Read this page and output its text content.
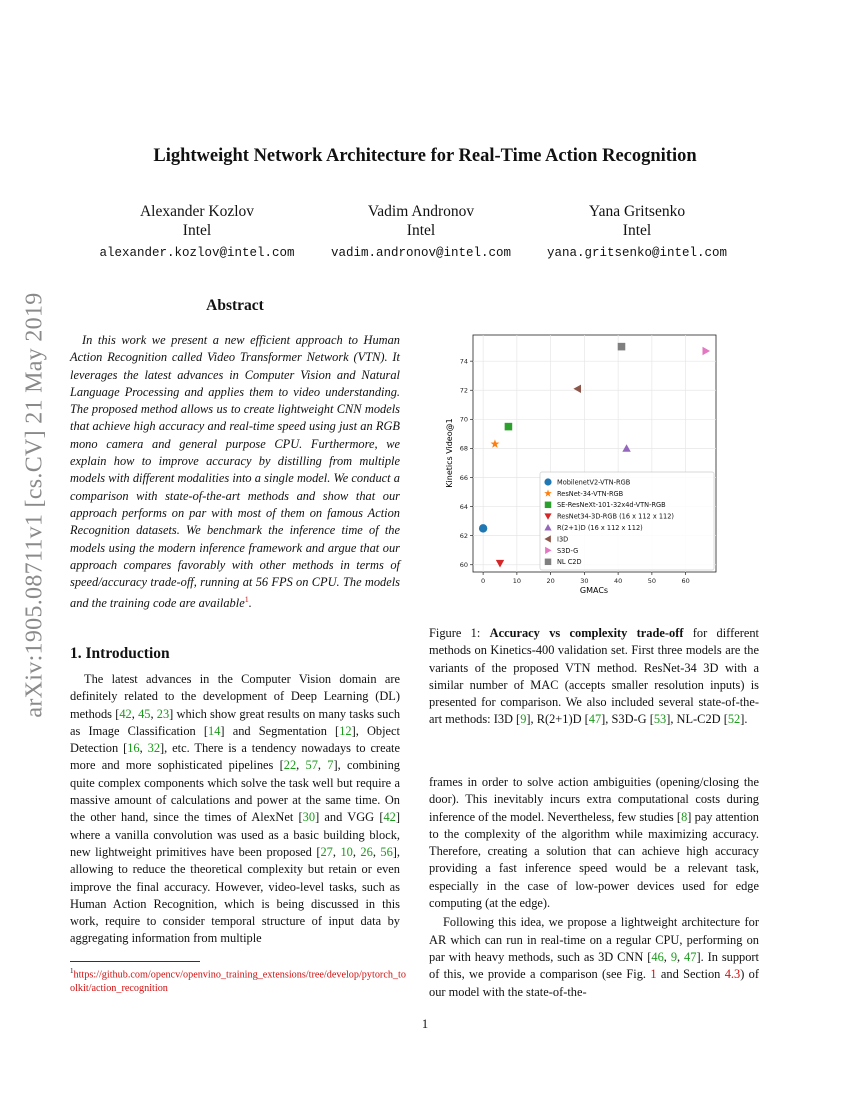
arXiv:1905.08711v1 [cs.CV] 21 May 2019
Lightweight Network Architecture for Real-Time Action Recognition
Alexander Kozlov
Intel
alexander.kozlov@intel.com
Vadim Andronov
Intel
vadim.andronov@intel.com
Yana Gritsenko
Intel
yana.gritsenko@intel.com
Abstract

In this work we present a new efficient approach to Human Action Recognition called Video Transformer Network (VTN). It leverages the latest advances in Computer Vision and Natural Language Processing and applies them to video understanding. The proposed method allows us to create lightweight CNN models that achieve high accuracy and real-time speed using just an RGB mono camera and general purpose CPU. Furthermore, we explain how to improve accuracy by distilling from multiple models with different modalities into a single model. We conduct a comparison with state-of-the-art methods and show that our approach performs on par with most of them on famous Action Recognition datasets. We benchmark the inference time of the models using the modern inference framework and argue that our approach compares favorably with other methods in terms of speed/accuracy trade-off, running at 56 FPS on CPU. The models and the training code are available$^1$.

1. Introduction

The latest advances in the Computer Vision domain are definitely related to the development of Deep Learning (DL) methods [42, 45, 23] which show great results on many tasks such as Image Classification [14] and Segmentation [12], Object Detection [16, 32], etc. There is a tendency nowadays to create more and more sophisticated pipelines [22, 57, 7], combining quite complex components which solve the task well but require a massive amount of calculations and power at the same time. On the other hand, since the times of AlexNet [30] and VGG [42] where a vanilla convolution was used as a basic building block, new lightweight primitives have been proposed [27, 10, 26, 56], allowing to reduce the theoretical complexity but retain or even improve the final accuracy. However, video-level tasks, such as Human Action Recognition, which is being discussed in this work, require to consider temporal structure of input data by aggregating information from multiple

$^1$https://github.com/opencv/openvino_training_extensions/tree/develop/pytorch_toolkit/action_recognition
0	10	20	30	40	50	60
60
62
64
66
68
70
72
74
MobilenetV2-VTN-RGB
ResNet-34-VTN-RGB
SE-ResNeXt-101-32x4d-VTN-RGB
ResNet34-3D-RGB (16 x 112 x 112)
R(2+1)D (16 x 112 x 112)
I3D
S3D-G
NL C2D
GMACs
Kinetics Video@1
Figure 1: Accuracy vs complexity trade-off for different methods on Kinetics-400 validation set. First three models are the variants of the proposed VTN method. ResNet-34 3D with a similar number of MAC (accepts smaller resolution inputs) is presented for comparison. We also included several state-of-the-art methods: I3D [9], R(2+1)D [47], S3D-G [53], NL-C2D [52].

frames in order to solve action ambiguities (opening/closing the door). This inevitably incurs extra computational costs during inference of the model. Nevertheless, few studies [8] pay attention to the complexity of the algorithm while maximizing accuracy. Therefore, creating a solution that can achieve high accuracy providing a fast inference speed would be a relevant task, especially in the case of low-power devices used for edge computing (at the edge).

Following this idea, we propose a lightweight architecture for AR which can run in real-time on a regular CPU, performing on par with heavy methods, such as 3D CNN [46, 9, 47]. In support of this, we provide a comparison (see Fig. 1 and Section 4.3) of our model with the state-of-the-

1
